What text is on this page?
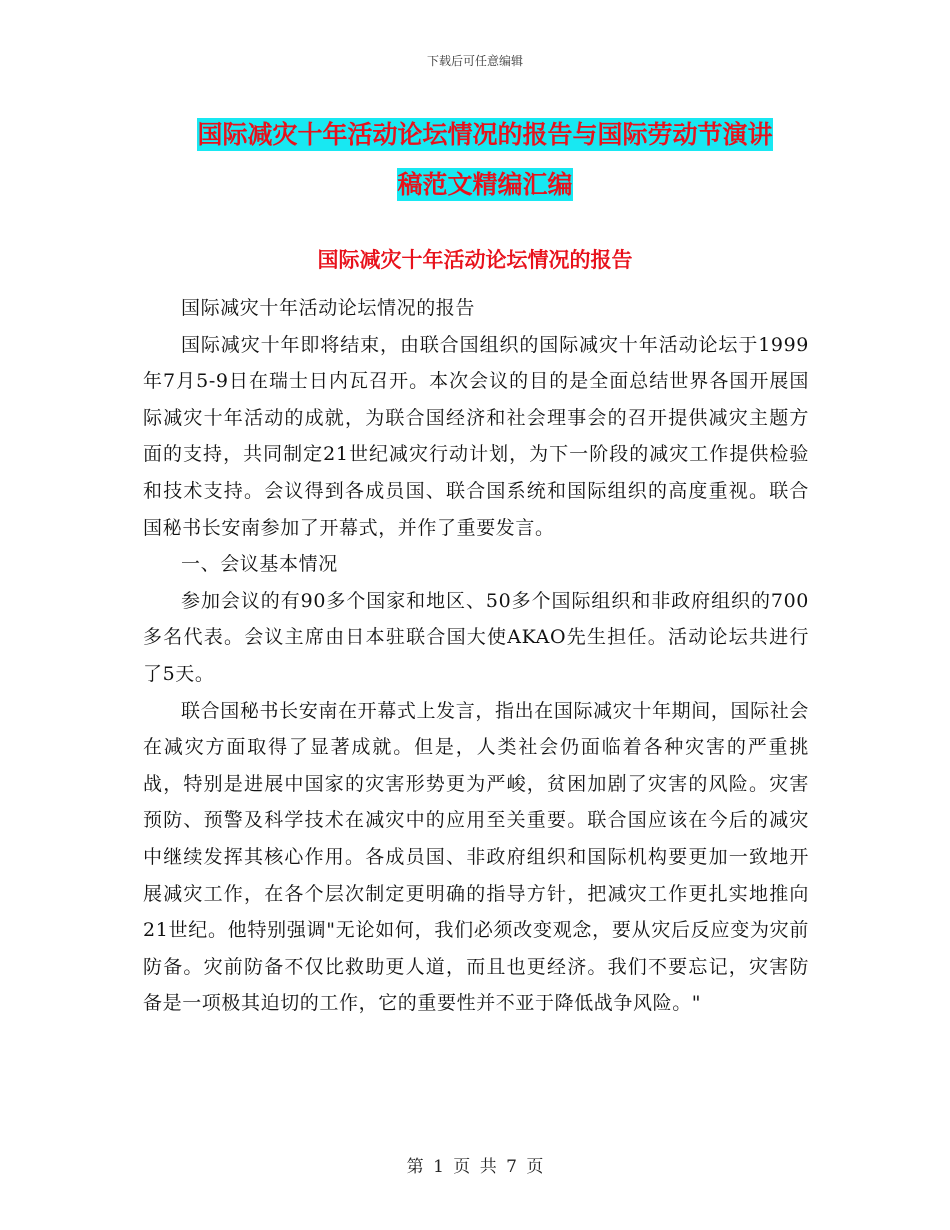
下载后可任意编辑
国际减灾十年活动论坛情况的报告与国际劳动节演讲
稿范文精编汇编
国际减灾十年活动论坛情况的报告

国际减灾十年活动论坛情况的报告

国际减灾十年即将结束，由联合国组织的国际减灾十年活动论坛于1999年7月5-9日在瑞士日内瓦召开。本次会议的目的是全面总结世界各国开展国际减灾十年活动的成就，为联合国经济和社会理事会的召开提供减灾主题方面的支持，共同制定21世纪减灾行动计划，为下一阶段的减灾工作提供检验和技术支持。会议得到各成员国、联合国系统和国际组织的高度重视。联合国秘书长安南参加了开幕式，并作了重要发言。

一、会议基本情况

参加会议的有90多个国家和地区、50多个国际组织和非政府组织的700多名代表。会议主席由日本驻联合国大使AKAO先生担任。活动论坛共进行了5天。

联合国秘书长安南在开幕式上发言，指出在国际减灾十年期间，国际社会在减灾方面取得了显著成就。但是，人类社会仍面临着各种灾害的严重挑战，特别是进展中国家的灾害形势更为严峻，贫困加剧了灾害的风险。灾害预防、预警及科学技术在减灾中的应用至关重要。联合国应该在今后的减灾中继续发挥其核心作用。各成员国、非政府组织和国际机构要更加一致地开展减灾工作，在各个层次制定更明确的指导方针，把减灾工作更扎实地推向21世纪。他特别强调"无论如何，我们必须改变观念，要从灾后反应变为灾前防备。灾前防备不仅比救助更人道，而且也更经济。我们不要忘记，灾害防备是一项极其迫切的工作，它的重要性并不亚于降低战争风险。"

第 1 页 共 7 页
